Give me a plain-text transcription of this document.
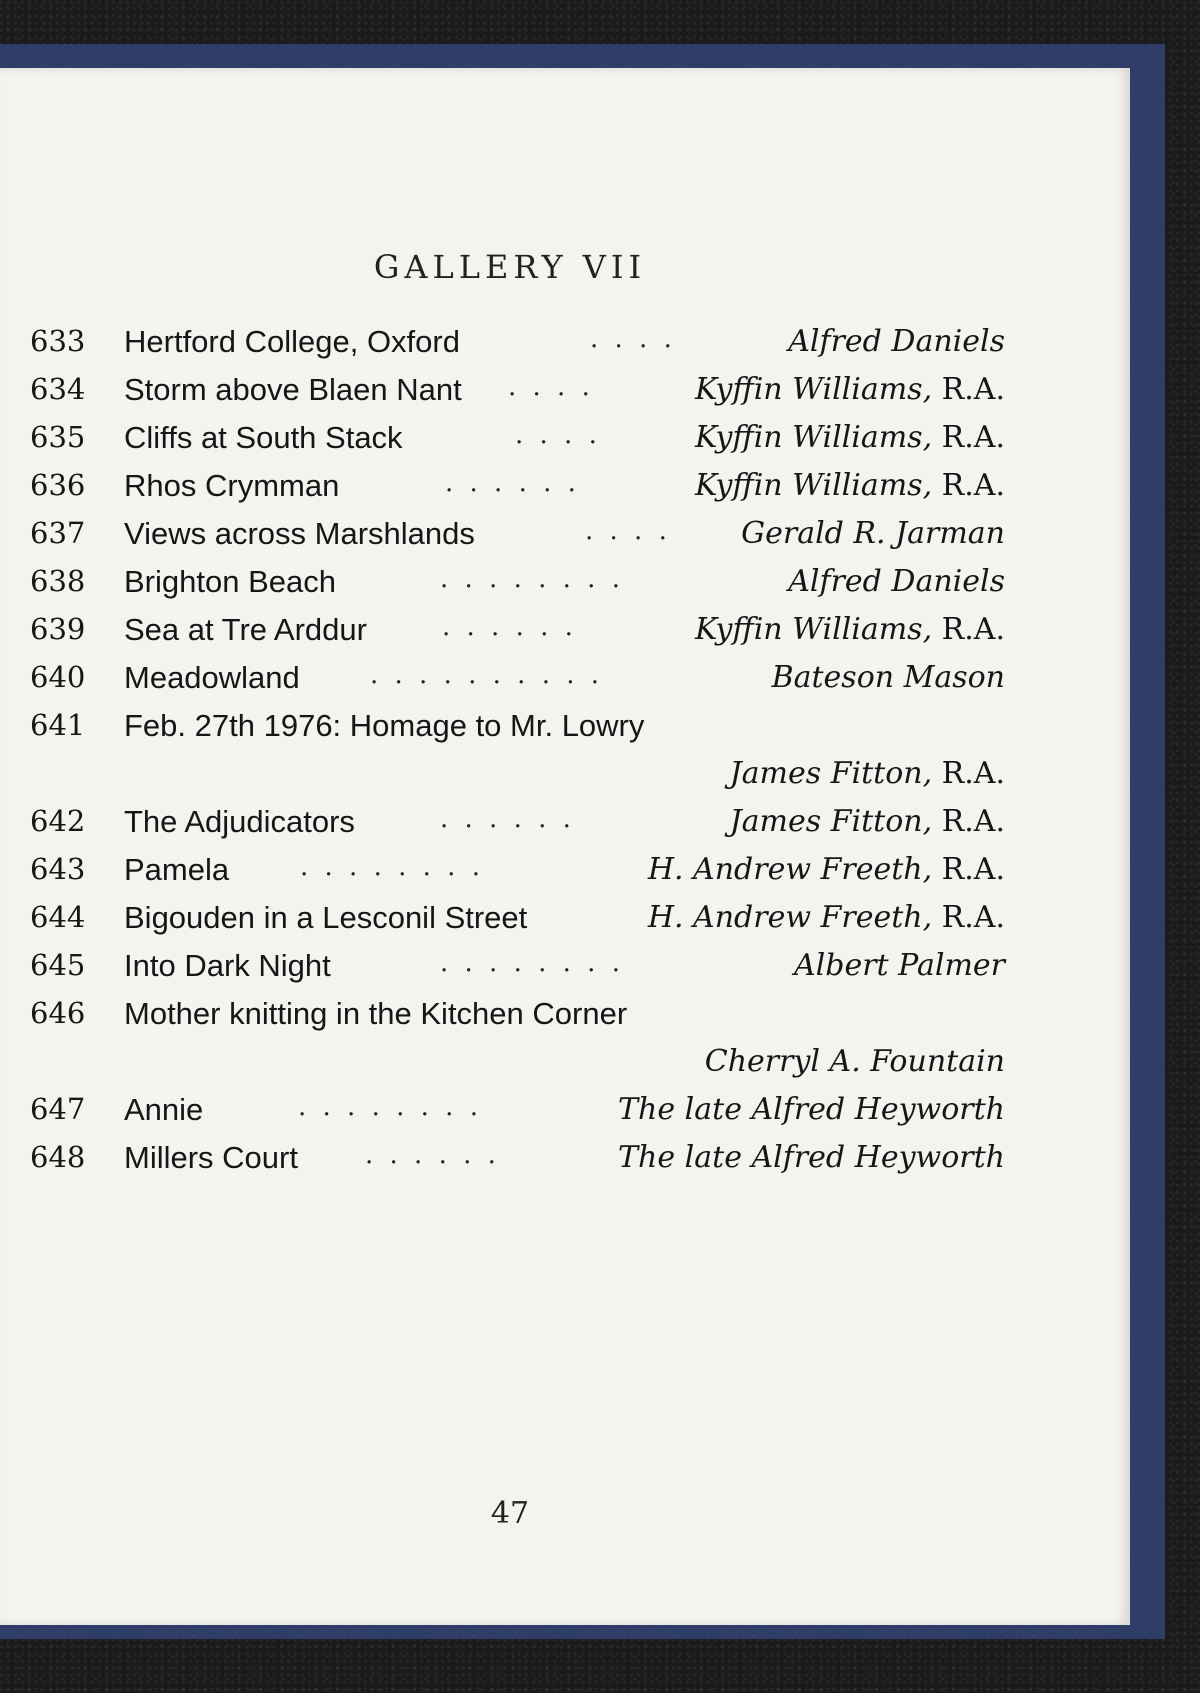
GALLERY VII
633	Hertford College, Oxford	. . . .	Alfred Daniels
634	Storm above Blaen Nant . . . .	Kyffin Williams, R.A.
635	Cliffs at South Stack	. . . .	Kyffin Williams, R.A.
636	Rhos Crymman	. . . . . .	Kyffin Williams, R.A.
637	Views across Marshlands	. . . . Gerald R. Jarman
638	Brighton Beach	. . . . . . . .	Alfred Daniels
639	Sea at Tre Arddur	. . . . . .	Kyffin Williams, R.A.
640	Meadowland	. . . . . . . . . .	Bateson Mason
641	Feb. 27th 1976: Homage to Mr. Lowry
James Fitton, R.A.
642	The Adjudicators	. . . . . .	James Fitton, R.A.
643	Pamela	. . . . . . . .	H. Andrew Freeth, R.A.
644	Bigouden in a Lesconil Street	H. Andrew Freeth, R.A.
645	Into Dark Night	. . . . . . . .	Albert Palmer
646	Mother knitting in the Kitchen Corner
Cherryl A. Fountain
647	Annie	. . . . . . . .	The late Alfred Heyworth
648	Millers Court	. . . . . .	The late Alfred Heyworth
47
